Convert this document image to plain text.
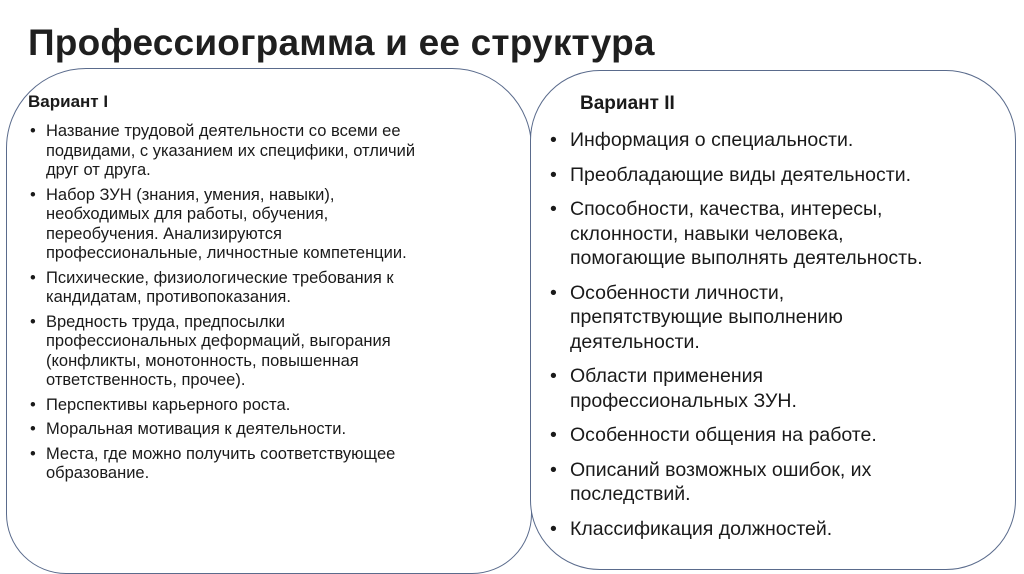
Профессиограмма и ее структура
Вариант I
• Название трудовой деятельности со всеми ее
подвидами, с указанием их специфики, отличий
друг от друга.
• Набор ЗУН (знания, умения, навыки),
необходимых для работы, обучения,
переобучения. Анализируются
профессиональные, личностные компетенции.
• Психические, физиологические требования к
кандидатам, противопоказания.
• Вредность труда, предпосылки
профессиональных деформаций, выгорания
(конфликты, монотонность, повышенная
ответственность, прочее).
• Перспективы карьерного роста.
• Моральная мотивация к деятельности.
• Места, где можно получить соответствующее
образование.
Вариант II
• Информация о специальности.
• Преобладающие виды деятельности.
• Способности, качества, интересы,
склонности, навыки человека,
помогающие выполнять деятельность.
• Особенности личности,
препятствующие выполнению
деятельности.
• Области применения
профессиональных ЗУН.
• Особенности общения на работе.
• Описаний возможных ошибок, их
последствий.
• Классификация должностей.
